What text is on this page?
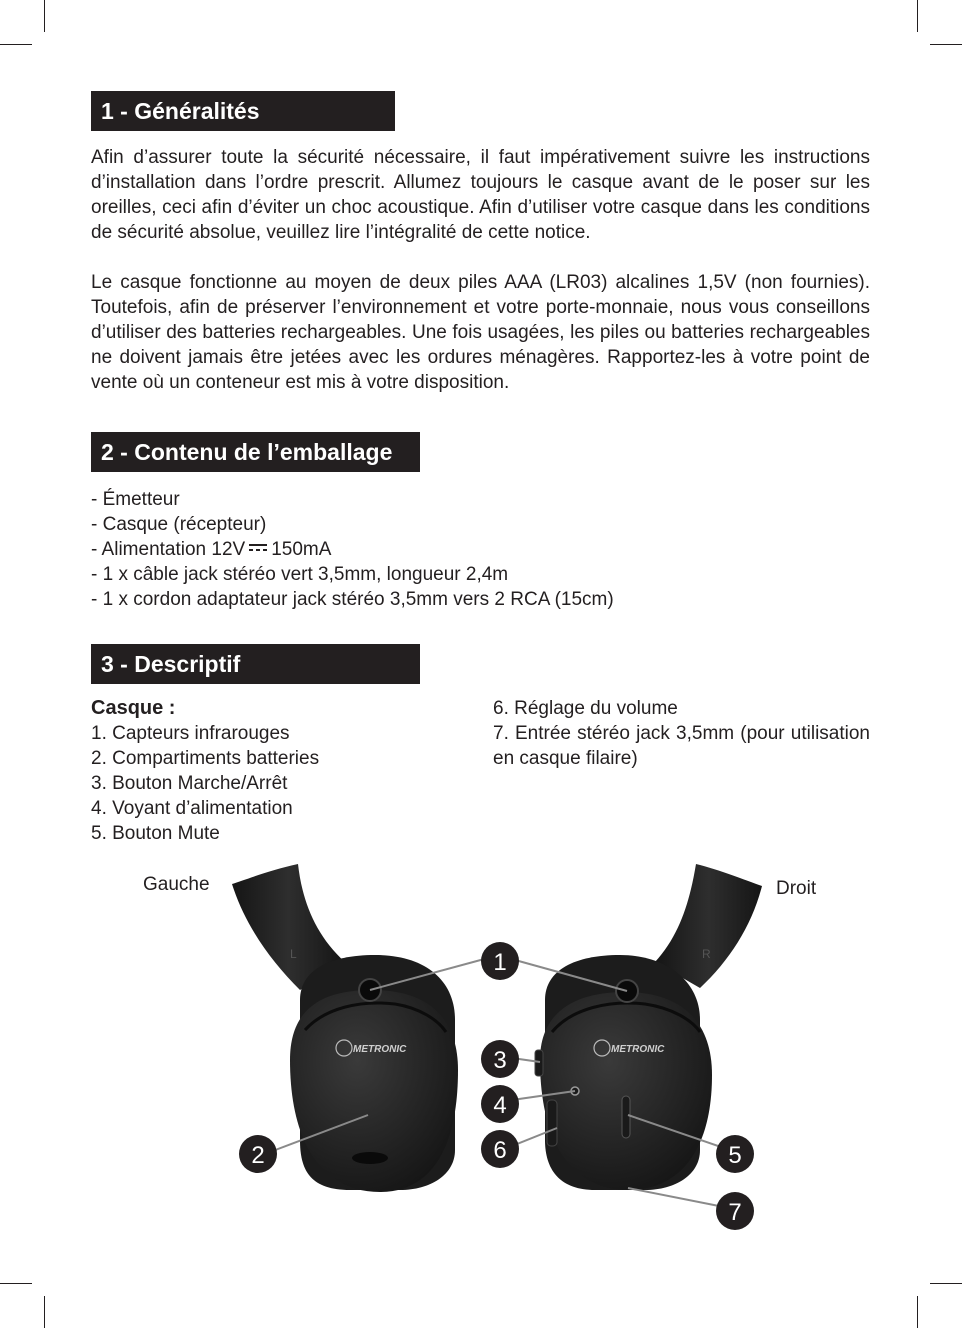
1 - Généralités

Afin d’assurer toute la sécurité nécessaire, il faut impérativement suivre les instructions d’installation dans l’ordre prescrit. Allumez toujours le casque avant de le poser sur les oreilles, ceci afin d’éviter un choc acoustique. Afin d’utiliser votre casque dans les conditions de sécurité absolue, veuillez lire l’intégralité de cette notice.

Le casque fonctionne au moyen de deux piles AAA (LR03) alcalines 1,5V (non fournies). Toutefois, afin de préserver l’environnement et votre porte-monnaie, nous vous conseillons d’utiliser des batteries rechargeables. Une fois usagées, les piles ou batteries rechargeables ne doivent jamais être jetées avec les ordures ménagères. Rapportez-les à votre point de vente où un conteneur est mis à votre disposition.

2 - Contenu de l’emballage
- Émetteur
- Casque (récepteur)
- Alimentation 12V 150mA
- 1 x câble jack stéréo vert 3,5mm, longueur 2,4m
- 1 x cordon adaptateur jack stéréo 3,5mm vers 2 RCA (15cm)
3 - Descriptif
Casque :
1. Capteurs infrarouges
2. Compartiments batteries
3. Bouton Marche/Arrêt
4. Voyant d’alimentation
5. Bouton Mute
6. Réglage du volume
7. Entrée stéréo jack 3,5mm (pour utilisation en casque filaire)
Gauche	Droit
L
METRONIC
R
METRONIC
1
2
3
4
5
6
7
